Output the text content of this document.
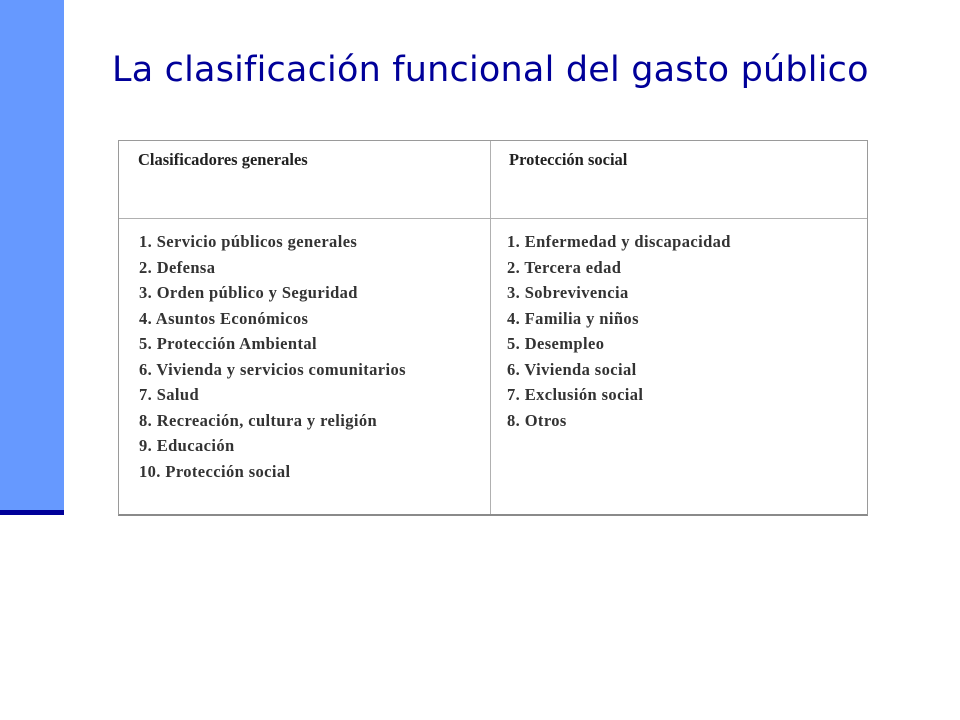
La clasificación funcional del gasto público
Clasificadores generales	Protección social
1. Servicio públicos generales
2. Defensa
3. Orden público y Seguridad
4. Asuntos Económicos
5. Protección Ambiental
6. Vivienda y servicios comunitarios
7. Salud
8. Recreación, cultura y religión
9. Educación
10. Protección social
1. Enfermedad y discapacidad
2. Tercera edad
3. Sobrevivencia
4. Familia y niños
5. Desempleo
6. Vivienda social
7. Exclusión social
8. Otros
